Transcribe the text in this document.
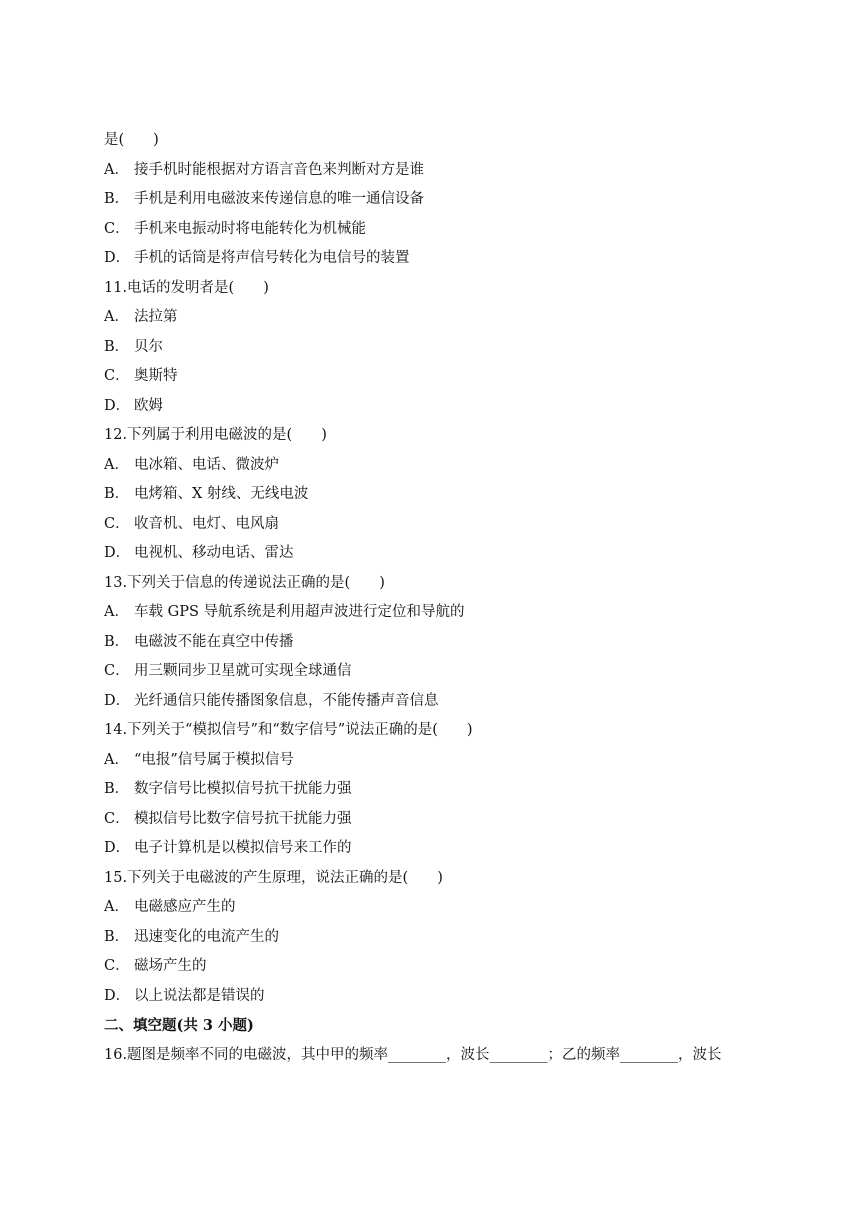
是(　　)
A． 接手机时能根据对方语言音色来判断对方是谁
B． 手机是利用电磁波来传递信息的唯一通信设备
C． 手机来电振动时将电能转化为机械能
D． 手机的话筒是将声信号转化为电信号的装置
11.电话的发明者是(　　)
A． 法拉第
B． 贝尔
C． 奥斯特
D． 欧姆
12.下列属于利用电磁波的是(　　)
A． 电冰箱、电话、微波炉
B． 电烤箱、X 射线、无线电波
C． 收音机、电灯、电风扇
D． 电视机、移动电话、雷达
13.下列关于信息的传递说法正确的是(　　)
A． 车载 GPS 导航系统是利用超声波进行定位和导航的
B． 电磁波不能在真空中传播
C． 用三颗同步卫星就可实现全球通信
D． 光纤通信只能传播图象信息，不能传播声音信息
14.下列关于“模拟信号”和“数字信号”说法正确的是(　　)
A． “电报”信号属于模拟信号
B． 数字信号比模拟信号抗干扰能力强
C． 模拟信号比数字信号抗干扰能力强
D． 电子计算机是以模拟信号来工作的
15.下列关于电磁波的产生原理，说法正确的是(　　)
A． 电磁感应产生的
B． 迅速变化的电流产生的
C． 磁场产生的
D． 以上说法都是错误的
二、填空题(共 3 小题)
16.题图是频率不同的电磁波，其中甲的频率________，波长________；乙的频率________，波长
